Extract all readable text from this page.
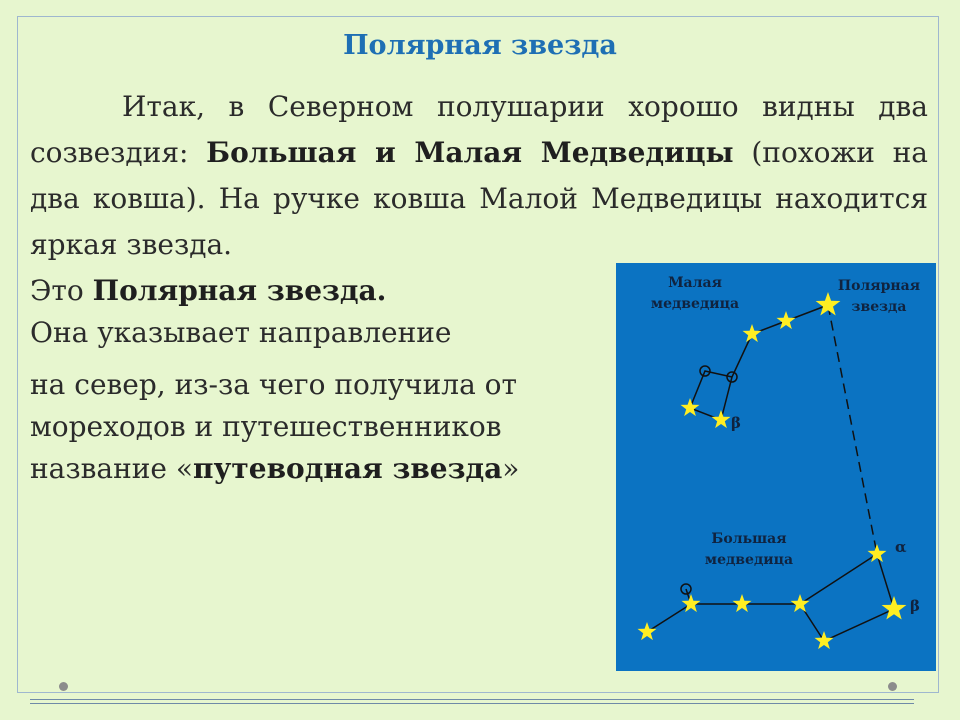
Полярная звезда
Итак, в Северном полушарии хорошо видны два созвездия: Большая и Малая Медведицы (похожи на два ковша). На ручке ковша Малой Медведицы находится яркая звезда.
Это Полярная звезда.
Она указывает направление
на север, из-за чего получила от
мореходов и путешественников
название «путеводная звезда»
Малая
медведица
Полярная
звезда
Большая
медведица
β
α
β
